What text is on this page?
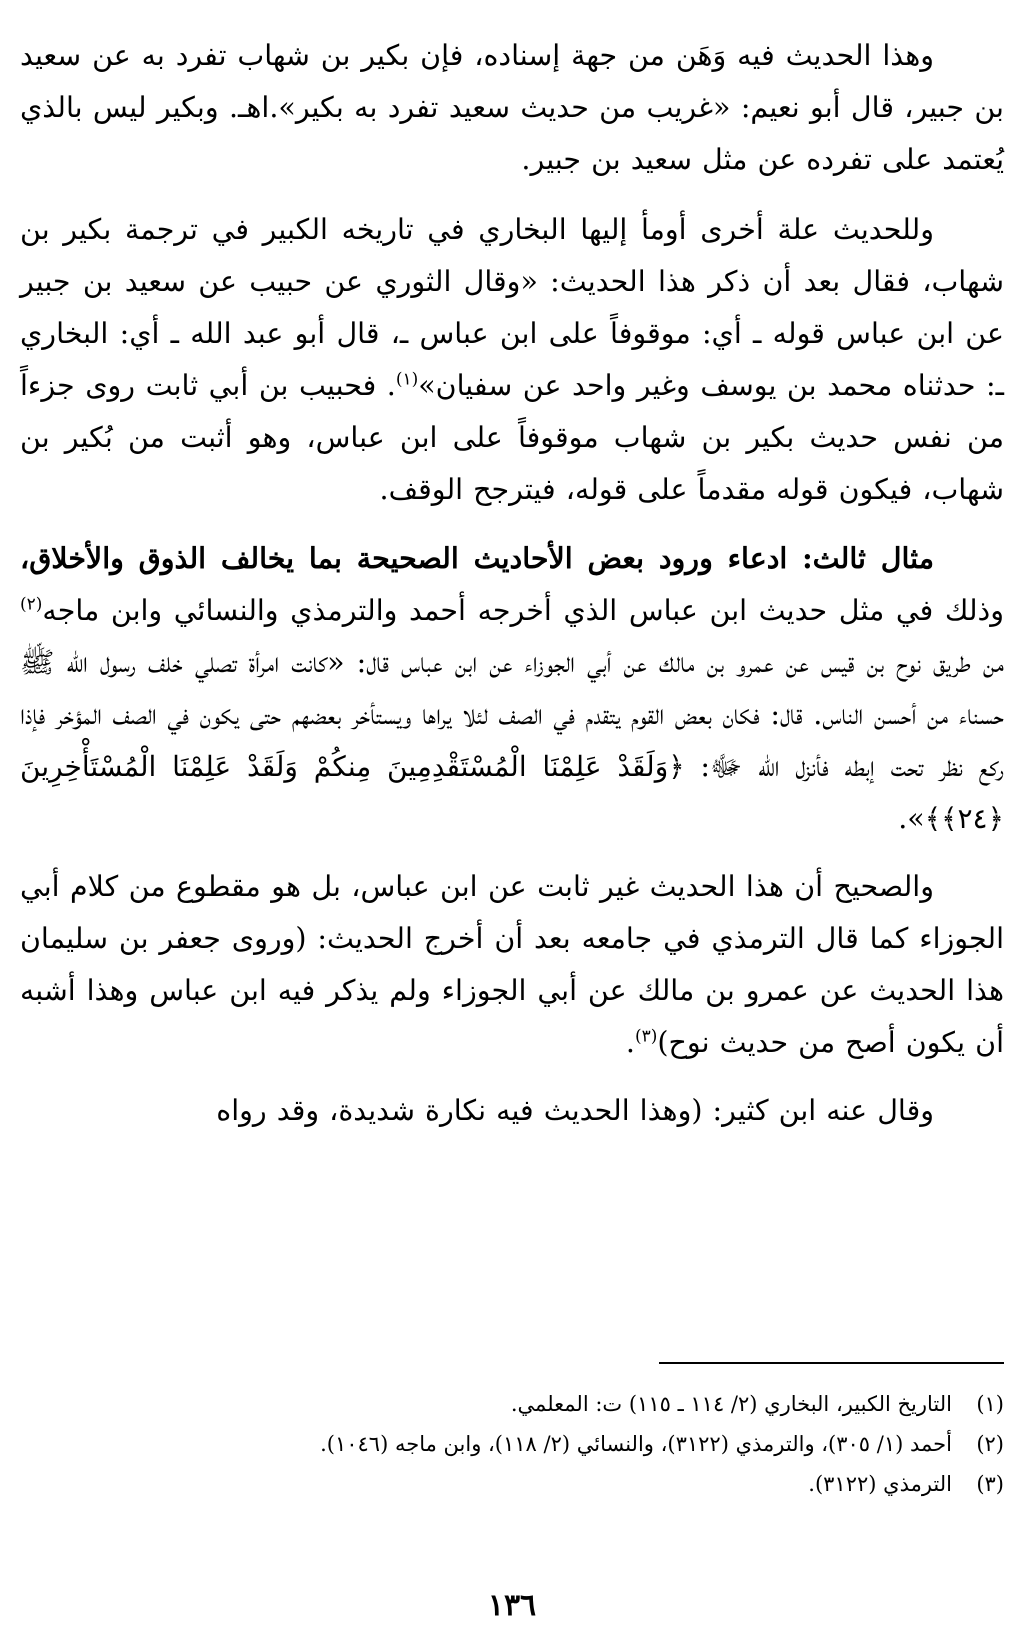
وهذا الحديث فيه وَهَن من جهة إسناده، فإن بكير بن شهاب تفرد به عن سعيد بن جبير، قال أبو نعيم: «غريب من حديث سعيد تفرد به بكير».اهـ. وبكير ليس بالذي يُعتمد على تفرده عن مثل سعيد بن جبير.

وللحديث علة أخرى أومأ إليها البخاري في تاريخه الكبير في ترجمة بكير بن شهاب، فقال بعد أن ذكر هذا الحديث: «وقال الثوري عن حبيب عن سعيد بن جبير عن ابن عباس قوله ـ أي: موقوفاً على ابن عباس ـ، قال أبو عبد الله ـ أي: البخاري ـ: حدثناه محمد بن يوسف وغير واحد عن سفيان»$^{(١)}$. فحبيب بن أبي ثابت روى جزءاً من نفس حديث بكير بن شهاب موقوفاً على ابن عباس، وهو أثبت من بُكير بن شهاب، فيكون قوله مقدماً على قوله، فيترجح الوقف.

مثال ثالث: ادعاء ورود بعض الأحاديث الصحيحة بما يخالف الذوق والأخلاق، وذلك في مثل حديث ابن عباس الذي أخرجه أحمد والترمذي والنسائي وابن ماجه$^{(٢)}$ من طريق نوح بن قيس عن عمرو بن مالك عن أبي الجوزاء عن ابن عباس قال: «كانت امرأة تصلي خلف رسول الله ﷺ حسناء من أحسن الناس. قال: فكان بعض القوم يتقدم في الصف لئلا يراها ويستأخر بعضهم حتى يكون في الصف المؤخر فإذا ركع نظر تحت إبطه فأنزل الله ﷻ: ﴿وَلَقَدْ عَلِمْنَا الْمُسْتَقْدِمِينَ مِنكُمْ وَلَقَدْ عَلِمْنَا الْمُسْتَأْخِرِينَ ﴿٢٤﴾﴾».

والصحيح أن هذا الحديث غير ثابت عن ابن عباس، بل هو مقطوع من كلام أبي الجوزاء كما قال الترمذي في جامعه بعد أن أخرج الحديث: (وروى جعفر بن سليمان هذا الحديث عن عمرو بن مالك عن أبي الجوزاء ولم يذكر فيه ابن عباس وهذا أشبه أن يكون أصح من حديث نوح)$^{(٣)}$.

وقال عنه ابن كثير: (وهذا الحديث فيه نكارة شديدة، وقد رواه

(١)
التاريخ الكبير، البخاري (٢/ ١١٤ ـ ١١٥) ت: المعلمي.
(٢)
أحمد (١/ ٣٠٥)، والترمذي (٣١٢٢)، والنسائي (٢/ ١١٨)، وابن ماجه (١٠٤٦).
(٣)
الترمذي (٣١٢٢).
١٣٦
